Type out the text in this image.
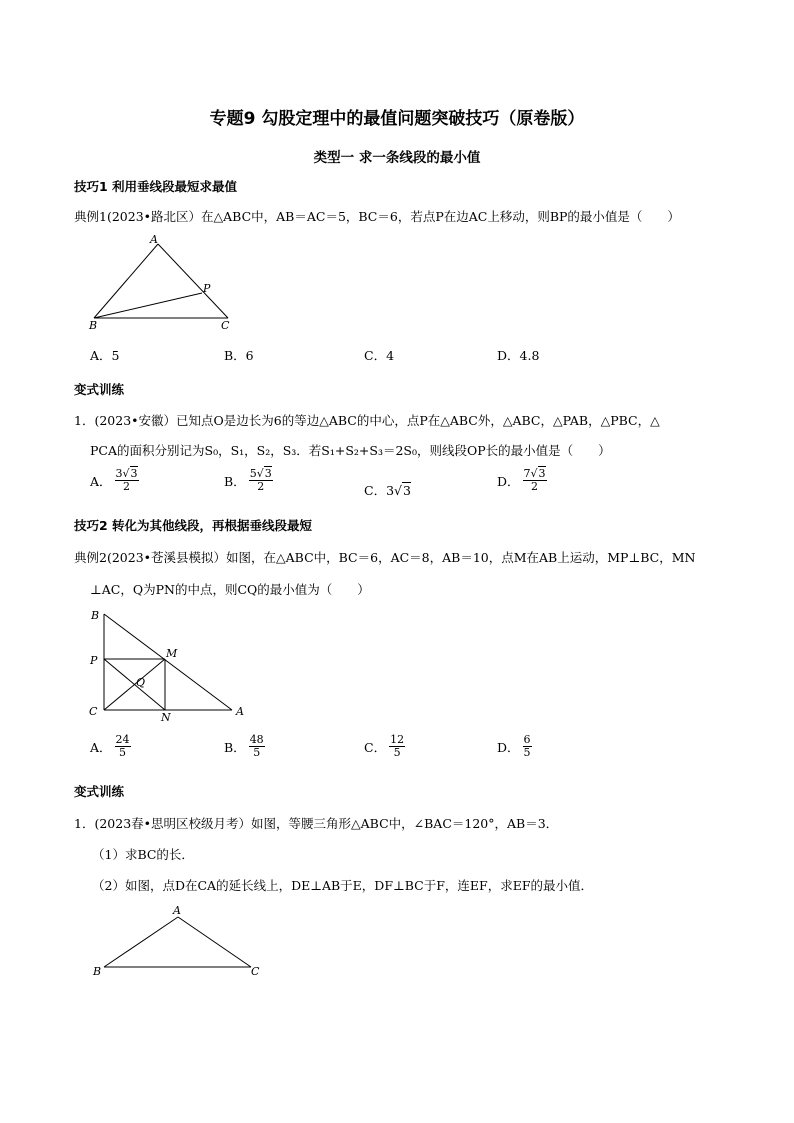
专题9 勾股定理中的最值问题突破技巧（原卷版）
类型一 求一条线段的最小值
技巧1 利用垂线段最短求最值
典例1(2023•路北区）在△ABC中，AB＝AC＝5，BC＝6，若点P在边AC上移动，则BP的最小值是（　　）
A
P
B	C
A．5	B．6	C．4	D．4.8
变式训练
1．(2023•安徽）已知点O是边长为6的等边△ABC的中心，点P在△ABC外，△ABC，△PAB，△PBC，△
PCA的面积分别记为S₀，S₁，S₂，S₃．若S₁+S₂+S₃＝2S₀，则线段OP长的最小值是（　　）
A． $\frac{3√3}{2}$	B． $\frac{5√3}{2}$	C． 3 √ 3
D． $\frac{7√3}{2}$
技巧2 转化为其他线段，再根据垂线段最短
典例2(2023•苍溪县模拟）如图，在△ABC中，BC＝6，AC＝8，AB＝10，点M在AB上运动，MP⊥BC，MN
⊥AC，Q为PN的中点，则CQ的最小值为（　　）
B
P
M
Q
C	N	A
A． $\frac{24}{5}$	B． $\frac{48}{5}$	C． $\frac{12}{5}$	D． $\frac{6}{5}$
变式训练
1．(2023春•思明区校级月考）如图，等腰三角形△ABC中，∠BAC＝120°，AB＝3．
（1）求BC的长．
（2）如图，点D在CA的延长线上，DE⊥AB于E，DF⊥BC于F，连EF，求EF的最小值．
A
B	C
